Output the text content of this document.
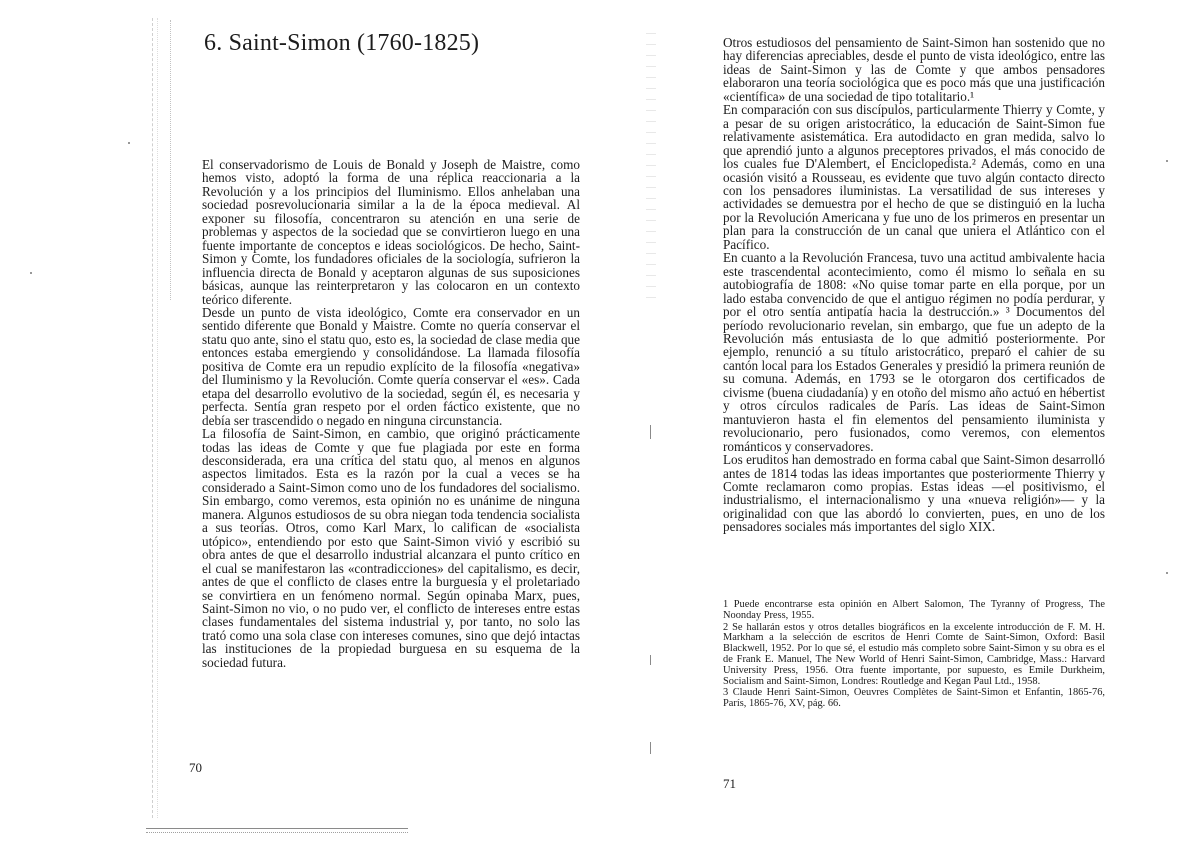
6. Saint-Simon (1760-1825)

El conservadorismo de Louis de Bonald y Joseph de Maistre, como hemos visto, adoptó la forma de una réplica reaccionaria a la Revolución y a los principios del Iluminismo. Ellos anhelaban una sociedad posrevolucionaria similar a la de la época medieval. Al exponer su filosofía, concentraron su atención en una serie de problemas y aspectos de la sociedad que se convirtieron luego en una fuente importante de conceptos e ideas sociológicos. De hecho, Saint-Simon y Comte, los fundadores oficiales de la sociología, sufrieron la influencia directa de Bonald y aceptaron algunas de sus suposiciones básicas, aunque las reinterpretaron y las colocaron en un contexto teórico diferente.

Desde un punto de vista ideológico, Comte era conservador en un sentido diferente que Bonald y Maistre. Comte no quería conservar el statu quo ante, sino el statu quo, esto es, la sociedad de clase media que entonces estaba emergiendo y consolidándose. La llamada filosofía positiva de Comte era un repudio explícito de la filosofía «negativa» del Iluminismo y la Revolución. Comte quería conservar el «es». Cada etapa del desarrollo evolutivo de la sociedad, según él, es necesaria y perfecta. Sentía gran respeto por el orden fáctico existente, que no debía ser trascendido o negado en ninguna circunstancia.

La filosofía de Saint-Simon, en cambio, que originó prácticamente todas las ideas de Comte y que fue plagiada por este en forma desconsiderada, era una crítica del statu quo, al menos en algunos aspectos limitados. Esta es la razón por la cual a veces se ha considerado a Saint-Simon como uno de los fundadores del socialismo. Sin embargo, como veremos, esta opinión no es unánime de ninguna manera. Algunos estudiosos de su obra niegan toda tendencia socialista a sus teorías. Otros, como Karl Marx, lo califican de «socialista utópico», entendiendo por esto que Saint-Simon vivió y escribió su obra antes de que el desarrollo industrial alcanzara el punto crítico en el cual se manifestaron las «contradicciones» del capitalismo, es decir, antes de que el conflicto de clases entre la burguesía y el proletariado se convirtiera en un fenómeno normal. Según opinaba Marx, pues, Saint-Simon no vio, o no pudo ver, el conflicto de intereses entre estas clases fundamentales del sistema industrial y, por tanto, no solo las trató como una sola clase con intereses comunes, sino que dejó intactas las instituciones de la propiedad burguesa en su esquema de la sociedad futura.

70

Otros estudiosos del pensamiento de Saint-Simon han sostenido que no hay diferencias apreciables, desde el punto de vista ideológico, entre las ideas de Saint-Simon y las de Comte y que ambos pensadores elaboraron una teoría sociológica que es poco más que una justificación «científica» de una sociedad de tipo totalitario.¹

En comparación con sus discípulos, particularmente Thierry y Comte, y a pesar de su origen aristocrático, la educación de Saint-Simon fue relativamente asistemática. Era autodidacto en gran medida, salvo lo que aprendió junto a algunos preceptores privados, el más conocido de los cuales fue D'Alembert, el Enciclopedista.² Además, como en una ocasión visitó a Rousseau, es evidente que tuvo algún contacto directo con los pensadores iluministas. La versatilidad de sus intereses y actividades se demuestra por el hecho de que se distinguió en la lucha por la Revolución Americana y fue uno de los primeros en presentar un plan para la construcción de un canal que uniera el Atlántico con el Pacífico.

En cuanto a la Revolución Francesa, tuvo una actitud ambivalente hacia este trascendental acontecimiento, como él mismo lo señala en su autobiografía de 1808: «No quise tomar parte en ella porque, por un lado estaba convencido de que el antiguo régimen no podía perdurar, y por el otro sentía antipatía hacia la destrucción.» ³ Documentos del período revolucionario revelan, sin embargo, que fue un adepto de la Revolución más entusiasta de lo que admitió posteriormente. Por ejemplo, renunció a su título aristocrático, preparó el cahier de su cantón local para los Estados Generales y presidió la primera reunión de su comuna. Además, en 1793 se le otorgaron dos certificados de civisme (buena ciudadanía) y en otoño del mismo año actuó en hébertist y otros círculos radicales de París. Las ideas de Saint-Simon mantuvieron hasta el fin elementos del pensamiento iluminista y revolucionario, pero fusionados, como veremos, con elementos románticos y conservadores.

Los eruditos han demostrado en forma cabal que Saint-Simon desarrolló antes de 1814 todas las ideas importantes que posteriormente Thierry y Comte reclamaron como propias. Estas ideas —el positivismo, el industrialismo, el internacionalismo y una «nueva religión»— y la originalidad con que las abordó lo convierten, pues, en uno de los pensadores sociales más importantes del siglo XIX.

1 Puede encontrarse esta opinión en Albert Salomon, The Tyranny of Progress, The Noonday Press, 1955.

2 Se hallarán estos y otros detalles biográficos en la excelente introducción de F. M. H. Markham a la selección de escritos de Henri Comte de Saint-Simon, Oxford: Basil Blackwell, 1952. Por lo que sé, el estudio más completo sobre Saint-Simon y su obra es el de Frank E. Manuel, The New World of Henri Saint-Simon, Cambridge, Mass.: Harvard University Press, 1956. Otra fuente importante, por supuesto, es Emile Durkheim, Socialism and Saint-Simon, Londres: Routledge and Kegan Paul Ltd., 1958.

3 Claude Henri Saint-Simon, Oeuvres Complètes de Saint-Simon et Enfantin, 1865-76, París, 1865-76, XV, pág. 66.

71
